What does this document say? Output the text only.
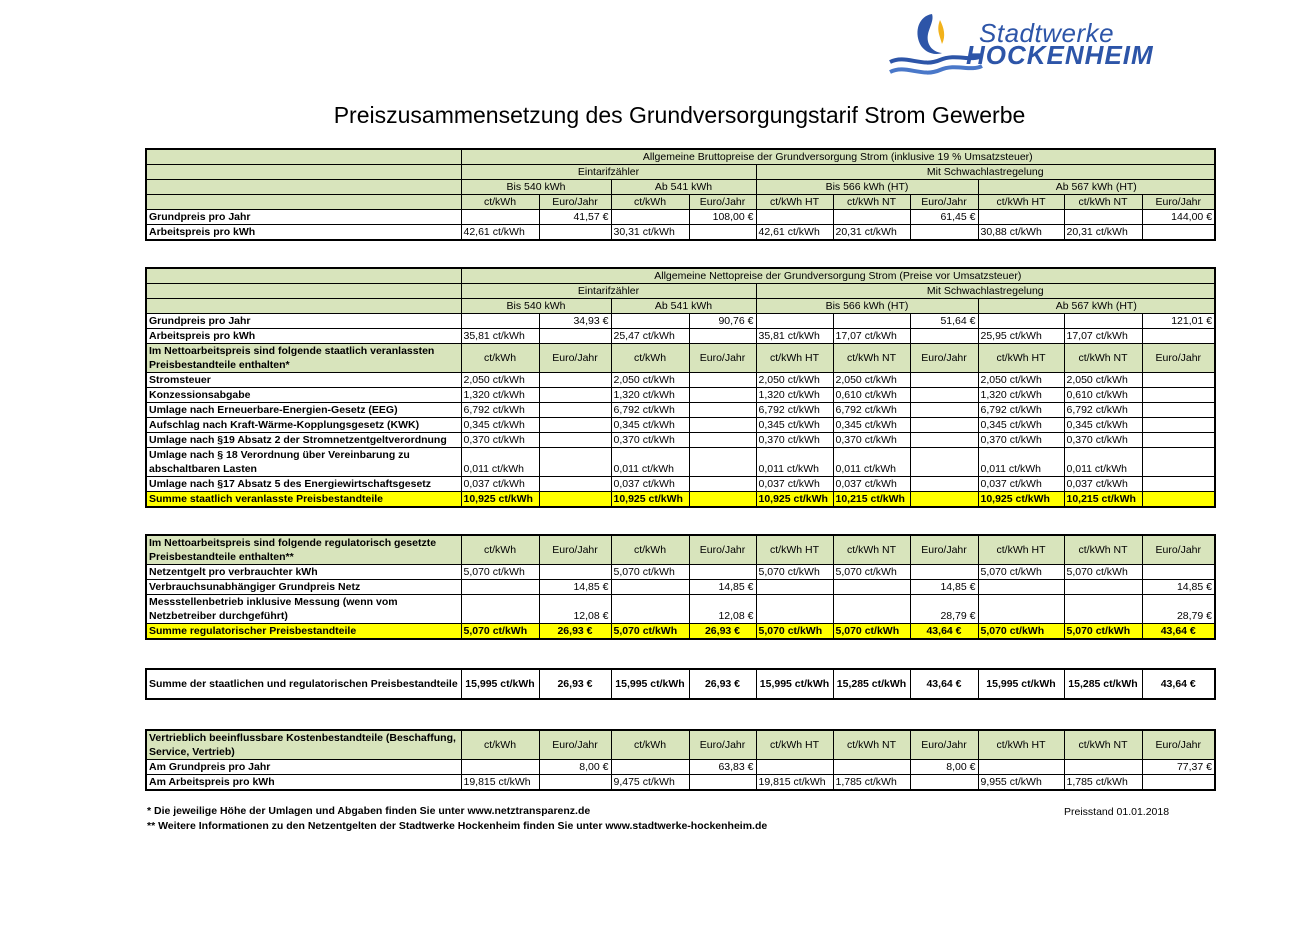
Stadtwerke
HOCKENHEIM
Preiszusammensetzung des Grundversorgungstarif Strom Gewerbe
	Allgemeine Bruttopreise der Grundversorgung Strom (inklusive 19 % Umsatzsteuer)									
	Eintarifzähler				Mit Schwachlastregelung					
	Bis 540 kWh		Ab 541 kWh		Bis 566 kWh (HT)			Ab 567 kWh (HT)		
	ct/kWh	Euro/Jahr	ct/kWh	Euro/Jahr	ct/kWh HT	ct/kWh NT	Euro/Jahr	ct/kWh HT	ct/kWh NT	Euro/Jahr
Grundpreis pro Jahr		41,57 €		108,00 €			61,45 €			144,00 €
Arbeitspreis pro kWh	42,61 ct/kWh		30,31 ct/kWh		42,61 ct/kWh	20,31 ct/kWh		30,88 ct/kWh	20,31 ct/kWh	
	Allgemeine Nettopreise der Grundversorgung Strom (Preise vor Umsatzsteuer)									
	Eintarifzähler				Mit Schwachlastregelung					
	Bis 540 kWh		Ab 541 kWh		Bis 566 kWh (HT)			Ab 567 kWh (HT)		
Grundpreis pro Jahr		34,93 €		90,76 €			51,64 €			121,01 €
Arbeitspreis pro kWh	35,81 ct/kWh		25,47 ct/kWh		35,81 ct/kWh	17,07 ct/kWh		25,95 ct/kWh	17,07 ct/kWh	
Im Nettoarbeitspreis sind folgende staatlich veranlassten Preisbestandteile enthalten*	ct/kWh	Euro/Jahr	ct/kWh	Euro/Jahr	ct/kWh HT	ct/kWh NT	Euro/Jahr	ct/kWh HT	ct/kWh NT	Euro/Jahr
Stromsteuer	2,050 ct/kWh		2,050 ct/kWh		2,050 ct/kWh	2,050 ct/kWh		2,050 ct/kWh	2,050 ct/kWh	
Konzessionsabgabe	1,320 ct/kWh		1,320 ct/kWh		1,320 ct/kWh	0,610 ct/kWh		1,320 ct/kWh	0,610 ct/kWh	
Umlage nach Erneuerbare-Energien-Gesetz (EEG)	6,792 ct/kWh		6,792 ct/kWh		6,792 ct/kWh	6,792 ct/kWh		6,792 ct/kWh	6,792 ct/kWh	
Aufschlag nach Kraft-Wärme-Kopplungsgesetz (KWK)	0,345 ct/kWh		0,345 ct/kWh		0,345 ct/kWh	0,345 ct/kWh		0,345 ct/kWh	0,345 ct/kWh	
Umlage nach §19 Absatz 2 der Stromnetzentgeltverordnung	0,370 ct/kWh		0,370 ct/kWh		0,370 ct/kWh	0,370 ct/kWh		0,370 ct/kWh	0,370 ct/kWh	
Umlage nach § 18 Verordnung über Vereinbarung zu abschaltbaren Lasten	0,011 ct/kWh		0,011 ct/kWh		0,011 ct/kWh	0,011 ct/kWh		0,011 ct/kWh	0,011 ct/kWh	
Umlage nach §17 Absatz 5 des Energiewirtschaftsgesetz	0,037 ct/kWh		0,037 ct/kWh		0,037 ct/kWh	0,037 ct/kWh		0,037 ct/kWh	0,037 ct/kWh	
Summe staatlich veranlasste Preisbestandteile	10,925 ct/kWh		10,925 ct/kWh		10,925 ct/kWh	10,215 ct/kWh		10,925 ct/kWh	10,215 ct/kWh	
Im Nettoarbeitspreis sind folgende regulatorisch gesetzte Preisbestandteile enthalten**	ct/kWh	Euro/Jahr	ct/kWh	Euro/Jahr	ct/kWh HT	ct/kWh NT	Euro/Jahr	ct/kWh HT	ct/kWh NT	Euro/Jahr
Netzentgelt pro verbrauchter kWh	5,070 ct/kWh		5,070 ct/kWh		5,070 ct/kWh	5,070 ct/kWh		5,070 ct/kWh	5,070 ct/kWh	
Verbrauchsunabhängiger Grundpreis Netz		14,85 €		14,85 €			14,85 €			14,85 €
Messstellenbetrieb inklusive Messung (wenn vom Netzbetreiber durchgeführt)		12,08 €		12,08 €			28,79 €			28,79 €
Summe regulatorischer Preisbestandteile	5,070 ct/kWh	26,93 €	5,070 ct/kWh	26,93 €	5,070 ct/kWh	5,070 ct/kWh	43,64 €	5,070 ct/kWh	5,070 ct/kWh	43,64 €
Summe der staatlichen und regulatorischen Preisbestandteile	15,995 ct/kWh	26,93 €	15,995 ct/kWh	26,93 €	15,995 ct/kWh	15,285 ct/kWh	43,64 €	15,995 ct/kWh	15,285 ct/kWh	43,64 €
Vertrieblich beeinflussbare Kostenbestandteile (Beschaffung, Service, Vertrieb)	ct/kWh	Euro/Jahr	ct/kWh	Euro/Jahr	ct/kWh HT	ct/kWh NT	Euro/Jahr	ct/kWh HT	ct/kWh NT	Euro/Jahr
Am Grundpreis pro Jahr		8,00 €		63,83 €			8,00 €			77,37 €
Am Arbeitspreis pro kWh	19,815 ct/kWh		9,475 ct/kWh		19,815 ct/kWh	1,785 ct/kWh		9,955 ct/kWh	1,785 ct/kWh	
* Die jeweilige Höhe der Umlagen und Abgaben finden Sie unter www.netztransparenz.de
** Weitere Informationen zu den Netzentgelten der Stadtwerke Hockenheim finden Sie unter www.stadtwerke-hockenheim.de
Preisstand 01.01.2018
